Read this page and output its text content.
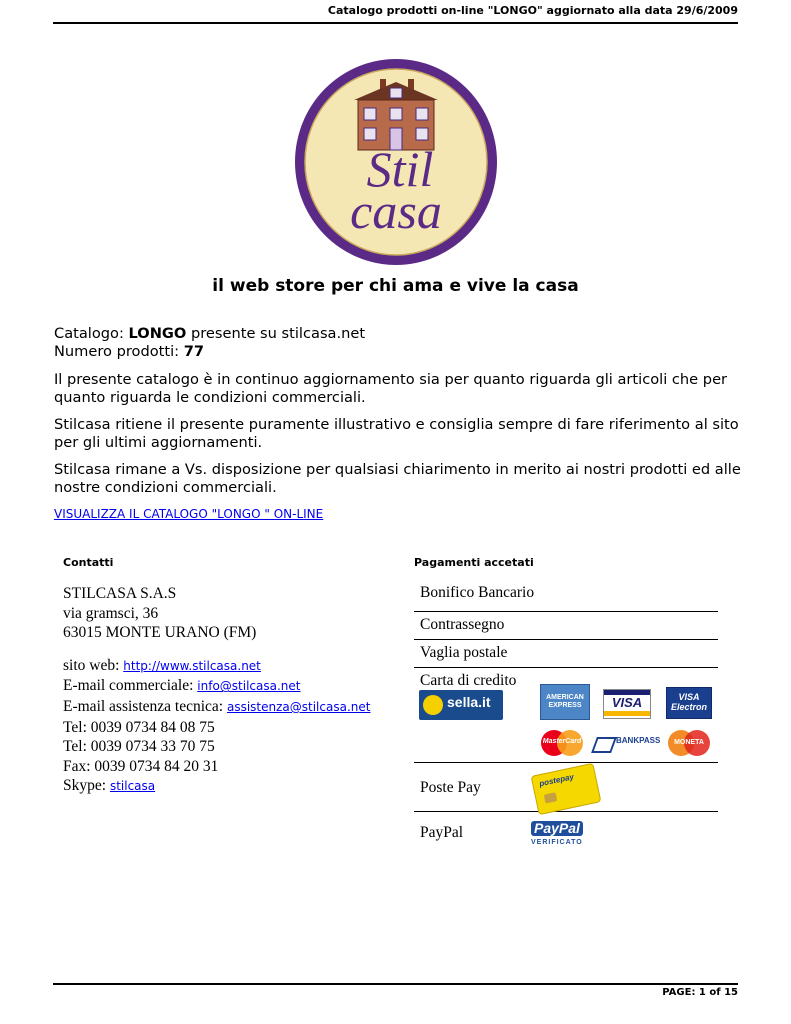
Catalogo prodotti on-line "LONGO" aggiornato alla data 29/6/2009
Stil
casa
il web store per chi ama e vive la casa
Catalogo: LONGO presente su stilcasa.net
Numero prodotti: 77

Il presente catalogo è in continuo aggiornamento sia per quanto riguarda gli articoli che per quanto riguarda le condizioni commerciali.

Stilcasa ritiene il presente puramente illustrativo e consiglia sempre di fare riferimento al sito per gli ultimi aggiornamenti.

Stilcasa rimane a Vs. disposizione per qualsiasi chiarimento in merito ai nostri prodotti ed alle nostre condizioni commerciali.

VISUALIZZA IL CATALOGO "LONGO " ON-LINE
Contatti	Pagamenti accetati
STILCASA S.A.S
via gramsci, 36
63015 MONTE URANO (FM)
sito web: http://www.stilcasa.net
E-mail commerciale: info@stilcasa.net
E-mail assistenza tecnica: assistenza@stilcasa.net
Tel: 0039 0734 84 08 75
Tel: 0039 0734 33 70 75
Fax: 0039 0734 84 20 31
Skype: stilcasa
Bonifico Bancario
Contrassegno
Vaglia postale
Carta di credito
sella.it	AMERICAN
EXPRESS	VISA	VISA
Electron
MasterCard	BANKPASS	MONETA
Poste Pay	postepay
PayPal	PayPal
VERIFICATO
PAGE: 1 of 15
